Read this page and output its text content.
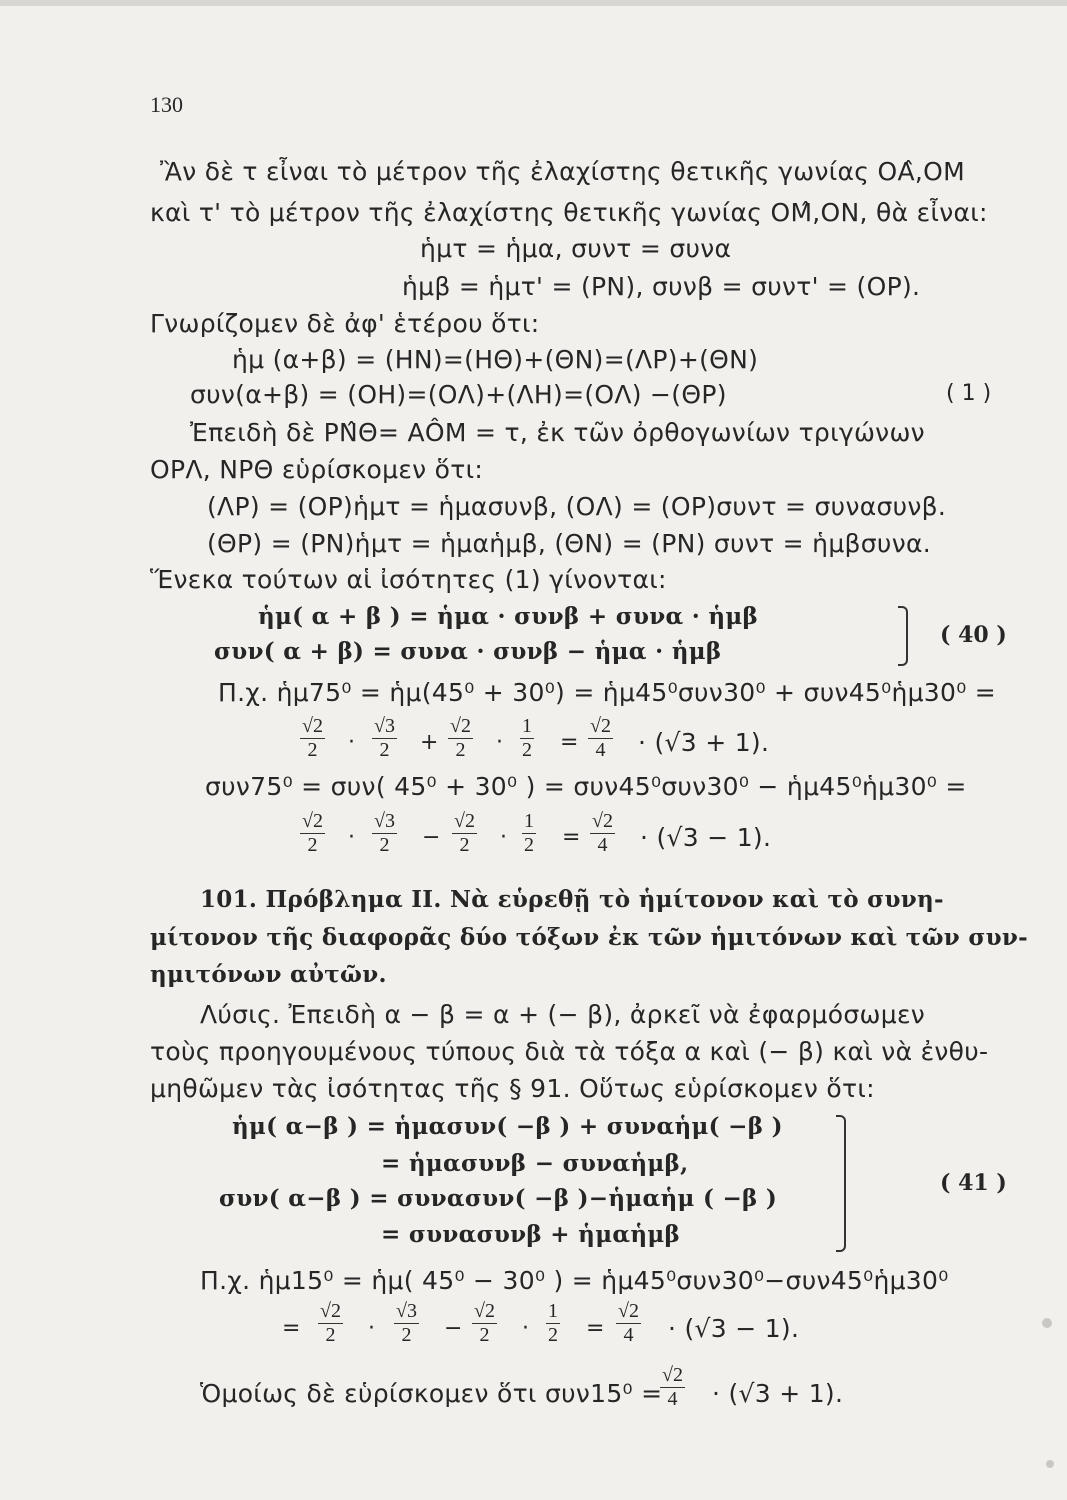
130
Ἂν δὲ τ εἶναι τὸ μέτρον τῆς ἐλαχίστης θετικῆς γωνίας ΟΑ̂,ΟΜ
καὶ τ' τὸ μέτρον τῆς ἐλαχίστης θετικῆς γωνίας ΟΜ̂,ΟΝ, θὰ εἶναι:
ἡμτ = ἡμα, συντ = συνα
ἡμβ = ἡμτ' = (ΡΝ), συνβ = συντ' = (ΟΡ).
Γνωρίζομεν δὲ ἀφ' ἑτέρου ὅτι:
ἡμ (α+β) = (ΗΝ)=(ΗΘ)+(ΘΝ)=(ΛΡ)+(ΘΝ)
συν(α+β) = (ΟΗ)=(ΟΛ)+(ΛΗ)=(ΟΛ) −(ΘΡ)	( 1 )
Ἐπειδὴ δὲ ΡΝ̂Θ= ΑÔΜ = τ, ἐκ τῶν ὀρθογωνίων τριγώνων
ΟΡΛ, ΝΡΘ εὑρίσκομεν ὅτι:
(ΛΡ) = (ΟΡ)ἡμτ = ἡμασυνβ, (ΟΛ) = (ΟΡ)συντ = συνασυνβ.
(ΘΡ) = (ΡΝ)ἡμτ = ἡμαἡμβ, (ΘΝ) = (ΡΝ) συντ = ἡμβσυνα.
Ἕνεκα τούτων αἱ ἰσότητες (1) γίνονται:
ἡμ( α + β ) = ἡμα · συνβ + συνα · ἡμβ
συν( α + β) = συνα · συνβ − ἡμα · ἡμβ
( 40 )
Π.χ. ἡμ75⁰ = ἡμ(45⁰ + 30⁰) = ἡμ45⁰συν30⁰ + συν45⁰ἡμ30⁰ =
$\frac{√2}{2} \cdot \frac{√3}{2} + \frac{√2}{2} \cdot \frac{1}{2} = \frac{√2}{4} \cdot (√3 + 1)$.
συν75⁰ = συν( 45⁰ + 30⁰ ) = συν45⁰συν30⁰ − ἡμ45⁰ἡμ30⁰ =
$\frac{√2}{2} \cdot \frac{√3}{2} - \frac{√2}{2} \cdot \frac{1}{2} = \frac{√2}{4} \cdot (√3 - 1)$.
101. Πρόβλημα ΙΙ. Νὰ εὑρεθῇ τὸ ἡμίτονον καὶ τὸ συνη-
μίτονον τῆς διαφορᾶς δύο τόξων ἐκ τῶν ἡμιτόνων καὶ τῶν συν-
ημιτόνων αὐτῶν.
Λύσις. Ἐπειδὴ α − β = α + (− β), ἀρκεῖ νὰ ἐφαρμόσωμεν
τοὺς προηγουμένους τύπους διὰ τὰ τόξα α καὶ (− β) καὶ νὰ ἐνθυ-
μηθῶμεν τὰς ἰσότητας τῆς § 91. Οὕτως εὑρίσκομεν ὅτι:
ἡμ( α−β ) = ἡμασυν( −β ) + συναἡμ( −β )
= ἡμασυνβ − συναἡμβ,
συν( α−β ) = συνασυν( −β )−ἡμαἡμ ( −β )
= συνασυνβ + ἡμαἡμβ
( 41 )
Π.χ. ἡμ15⁰ = ἡμ( 45⁰ − 30⁰ ) = ἡμ45⁰συν30⁰−συν45⁰ἡμ30⁰
= $\frac{√2}{2} \cdot \frac{√3}{2} - \frac{√2}{2} \cdot \frac{1}{2} = \frac{√2}{4} \cdot (√3 - 1)$.
Ὁμοίως δὲ εὑρίσκομεν ὅτι συν15⁰ =
$\frac{√2}{4} \cdot (√3 + 1)$.
